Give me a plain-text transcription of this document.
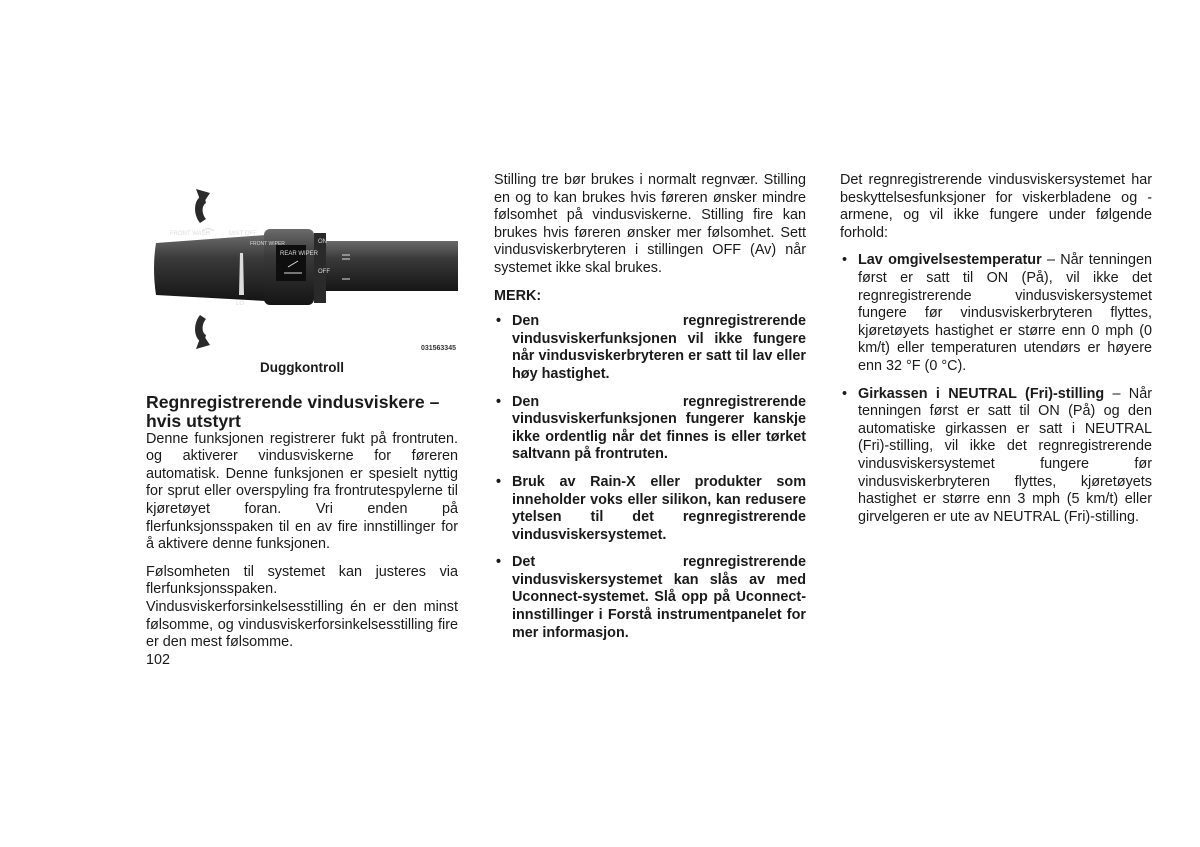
FRONT WASH	MIST OFF
FRONT WIPER
REAR WIPER
ON
OFF
LO
031563345
Duggkontroll
Regnregistrerende vindusviskere –
hvis utstyrt

Denne funksjonen registrerer fukt på frontruten. og aktiverer vindusviskerne for føreren automatisk. Denne funksjonen er spesielt nyttig for sprut eller overspyling fra frontrutespylerne til kjøretøyet foran. Vri enden på flerfunksjonsspaken til en av fire innstillinger for å aktivere denne funksjonen.

Følsomheten til systemet kan justeres via flerfunksjonsspaken. Vindusviskerforsinkelsesstilling én er den minst følsomme, og vindusviskerforsinkelsesstilling fire er den mest følsomme.

Stilling tre bør brukes i normalt regnvær. Stilling en og to kan brukes hvis føreren ønsker mindre følsomhet på vindusviskerne. Stilling fire kan brukes hvis føreren ønsker mer følsomhet. Sett vindusviskerbryteren i stillingen OFF (Av) når systemet ikke skal brukes.

MERK:
• Den regnregistrerende vindusviskerfunksjonen vil ikke fungere når vindusviskerbryteren er satt til lav eller høy hastighet.
• Den regnregistrerende vindusviskerfunksjonen fungerer kanskje ikke ordentlig når det finnes is eller tørket saltvann på frontruten.
• Bruk av Rain-X eller produkter som inneholder voks eller silikon, kan redusere ytelsen til det regnregistrerende vindusviskersystemet.
• Det regnregistrerende vindusviskersystemet kan slås av med Uconnect-systemet. Slå opp på Uconnect-innstillinger i Forstå instrumentpanelet for mer informasjon.

Det regnregistrerende vindusviskersystemet har beskyttelsesfunksjoner for viskerbladene og -armene, og vil ikke fungere under følgende forhold:

• Lav omgivelsestemperatur – Når tenningen først er satt til ON (På), vil ikke det regnregistrerende vindusviskersystemet fungere før vindusviskerbryteren flyttes, kjøretøyets hastighet er større enn 0 mph (0 km/t) eller temperaturen utendørs er høyere enn 32 °F (0 °C).
• Girkassen i NEUTRAL (Fri)-stilling – Når tenningen først er satt til ON (På) og den automatiske girkassen er satt i NEUTRAL (Fri)-stilling, vil ikke det regnregistrerende vindusviskersystemet fungere før vindusviskerbryteren flyttes, kjøretøyets hastighet er større enn 3 mph (5 km/t) eller girvelgeren er ute av NEUTRAL (Fri)-stilling.
102
